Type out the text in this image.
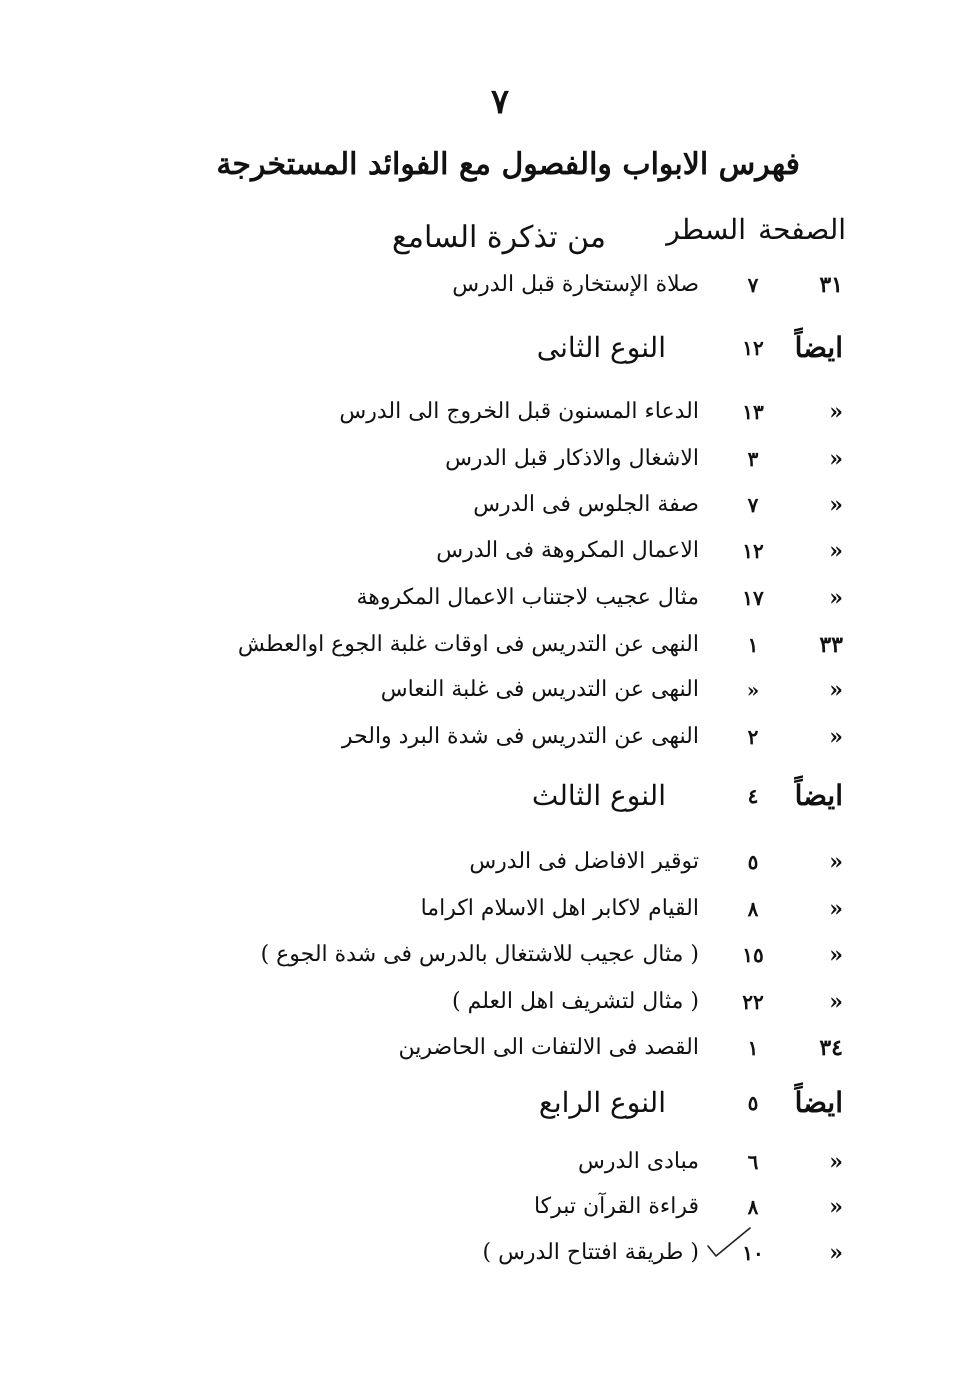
٧
فهرس الابواب والفصول مع الفوائد المستخرجة
الصفحة
السطر
من تذكرة السامع
٣١
٧
صلاة الإستخارة قبل الدرس
ايضاً
١٢
النوع الثانى
«
١٣
الدعاء المسنون قبل الخروج الى الدرس
«
٣
الاشغال والاذكار قبل الدرس
«
٧
صفة الجلوس فى الدرس
«
١٢
الاعمال المكروهة فى الدرس
«
١٧
مثال عجيب لاجتناب الاعمال المكروهة
٣٣
١
النهى عن التدريس فى اوقات غلبة الجوع اوالعطش
«
«
النهى عن التدريس فى غلبة النعاس
«
٢
النهى عن التدريس فى شدة البرد والحر
ايضاً
٤
النوع الثالث
«
٥
توقير الافاضل فى الدرس
«
٨
القيام لاكابر اهل الاسلام اكراما
«
١٥
( مثال عجيب للاشتغال بالدرس فى شدة الجوع )
«
٢٢
( مثال لتشريف اهل العلم )
٣٤
١
القصد فى الالتفات الى الحاضرين
ايضاً
٥
النوع الرابع
«
٦
مبادى الدرس
«
٨
قراءة القرآن تبركا
«
١٠
( طريقة افتتاح الدرس )
